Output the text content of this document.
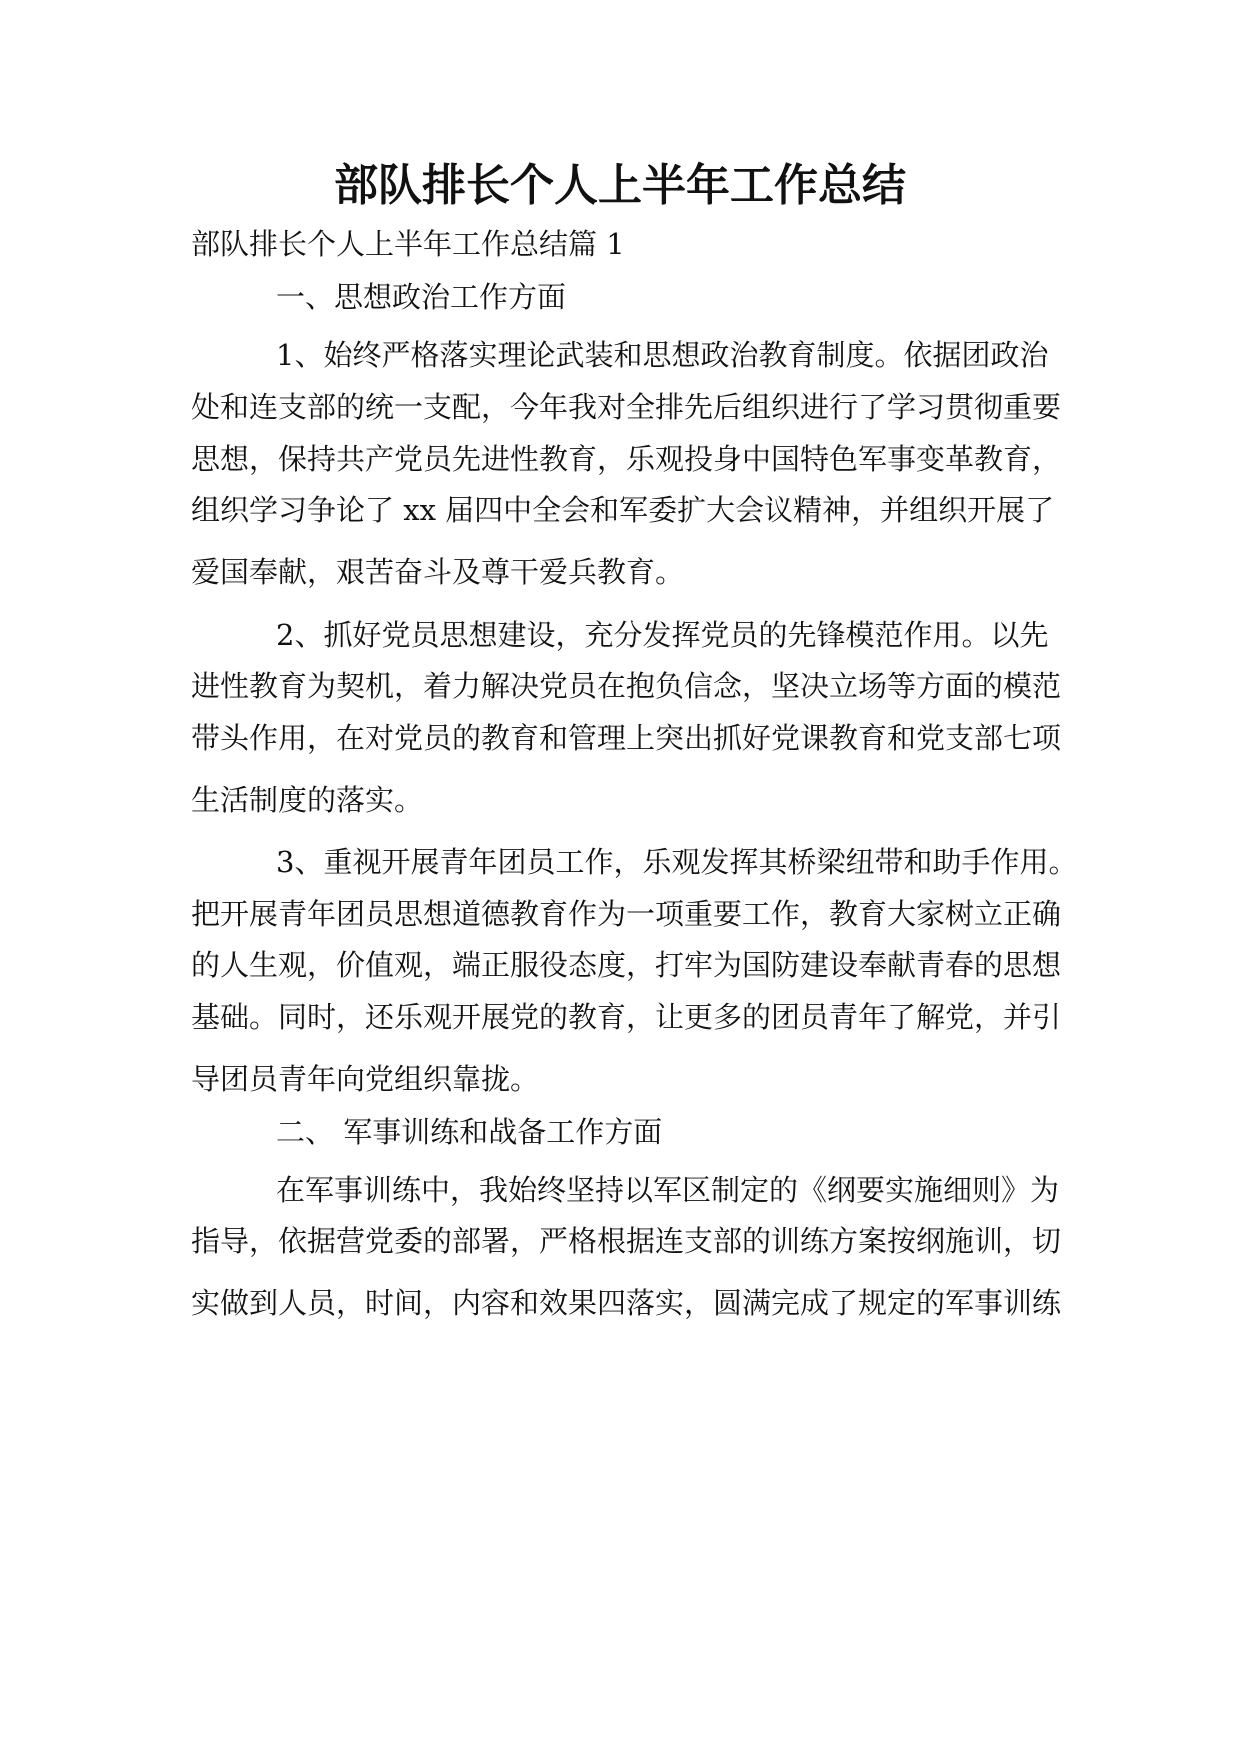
部队排长个人上半年工作总结

部队排长个人上半年工作总结篇 1

一、思想政治工作方面

1、始终严格落实理论武装和思想政治教育制度。依据团政治

处和连支部的统一支配，今年我对全排先后组织进行了学习贯彻重要

思想，保持共产党员先进性教育，乐观投身中国特色军事变革教育，

组织学习争论了 xx 届四中全会和军委扩大会议精神，并组织开展了

爱国奉献，艰苦奋斗及尊干爱兵教育。

2、抓好党员思想建设，充分发挥党员的先锋模范作用。以先

进性教育为契机，着力解决党员在抱负信念，坚决立场等方面的模范

带头作用，在对党员的教育和管理上突出抓好党课教育和党支部七项

生活制度的落实。

3、重视开展青年团员工作，乐观发挥其桥梁纽带和助手作用。

把开展青年团员思想道德教育作为一项重要工作，教育大家树立正确

的人生观，价值观，端正服役态度，打牢为国防建设奉献青春的思想

基础。同时，还乐观开展党的教育，让更多的团员青年了解党，并引

导团员青年向党组织靠拢。

二、 军事训练和战备工作方面

在军事训练中，我始终坚持以军区制定的《纲要实施细则》为

指导，依据营党委的部署，严格根据连支部的训练方案按纲施训，切

实做到人员，时间，内容和效果四落实，圆满完成了规定的军事训练
